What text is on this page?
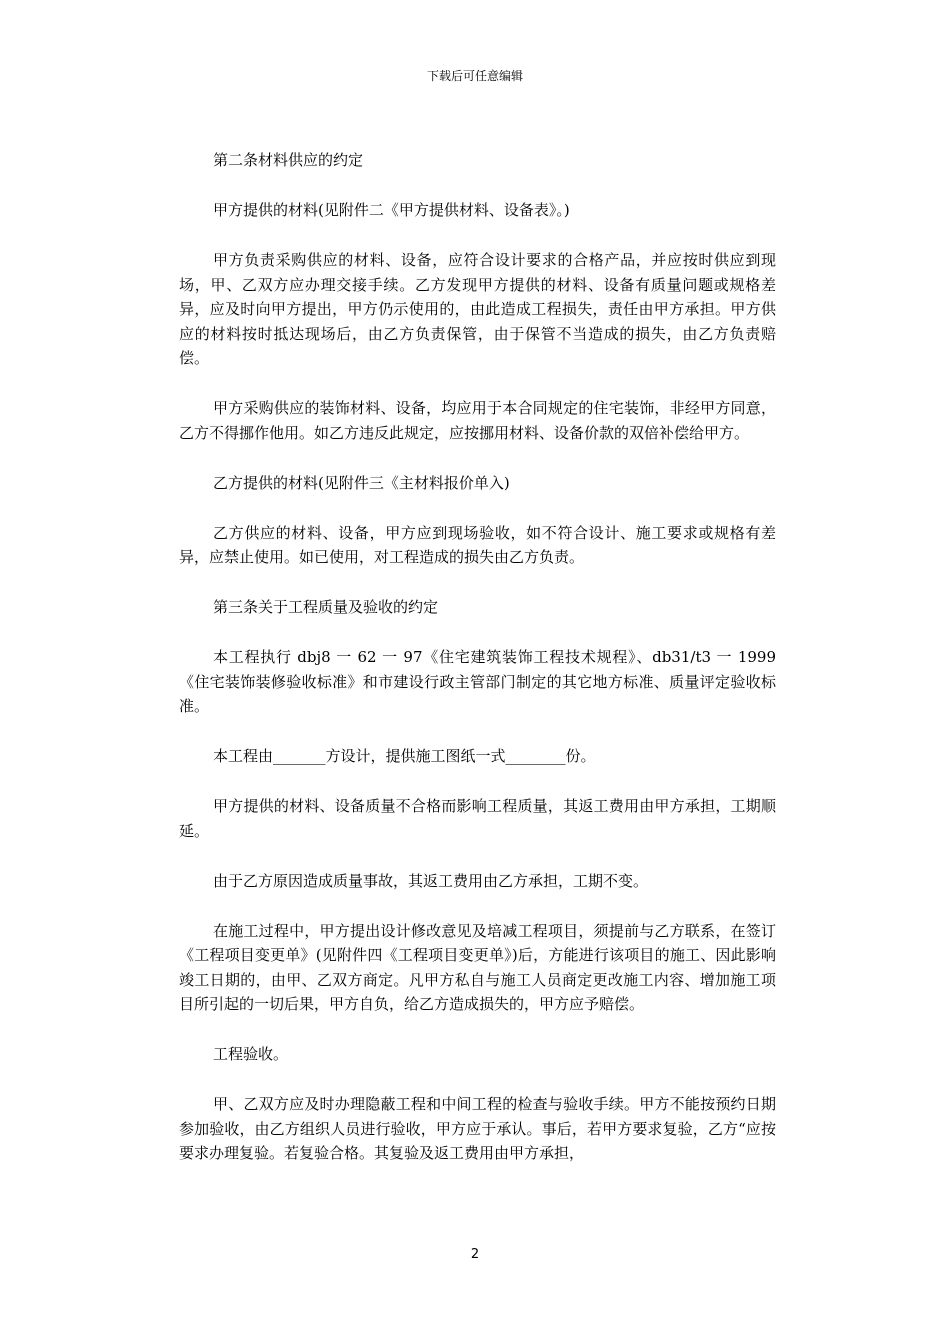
下载后可任意编辑

第二条材料供应的约定

甲方提供的材料(见附件二《甲方提供材料、设备表》。)

甲方负责采购供应的材料、设备，应符合设计要求的合格产品，并应按时供应到现场，甲、乙双方应办理交接手续。乙方发现甲方提供的材料、设备有质量问题或规格差异，应及时向甲方提出，甲方仍示使用的，由此造成工程损失，责任由甲方承担。甲方供应的材料按时抵达现场后，由乙方负责保管，由于保管不当造成的损失，由乙方负责赔偿。

甲方采购供应的装饰材料、设备，均应用于本合同规定的住宅装饰，非经甲方同意，乙方不得挪作他用。如乙方违反此规定，应按挪用材料、设备价款的双倍补偿给甲方。

乙方提供的材料(见附件三《主材料报价单入)

乙方供应的材料、设备，甲方应到现场验收，如不符合设计、施工要求或规格有差异，应禁止使用。如已使用，对工程造成的损失由乙方负责。

第三条关于工程质量及验收的约定

本工程执行 dbj8 一 62 一 97《住宅建筑装饰工程技术规程》、db31/t3 一 1999《住宅装饰装修验收标准》和市建设行政主管部门制定的其它地方标准、质量评定验收标准。

本工程由_______方设计，提供施工图纸一式________份。

甲方提供的材料、设备质量不合格而影响工程质量，其返工费用由甲方承担，工期顺延。

由于乙方原因造成质量事故，其返工费用由乙方承担，工期不变。

在施工过程中，甲方提出设计修改意见及培减工程项目，须提前与乙方联系，在签订《工程项目变更单》(见附件四《工程项目变更单》)后，方能进行该项目的施工、因此影响竣工日期的，由甲、乙双方商定。凡甲方私自与施工人员商定更改施工内容、增加施工项目所引起的一切后果，甲方自负，给乙方造成损失的，甲方应予赔偿。

工程验收。

甲、乙双方应及时办理隐蔽工程和中间工程的检查与验收手续。甲方不能按预约日期参加验收，由乙方组织人员进行验收，甲方应于承认。事后，若甲方要求复验，乙方“应按要求办理复验。若复验合格。其复验及返工费用由甲方承担，

2
